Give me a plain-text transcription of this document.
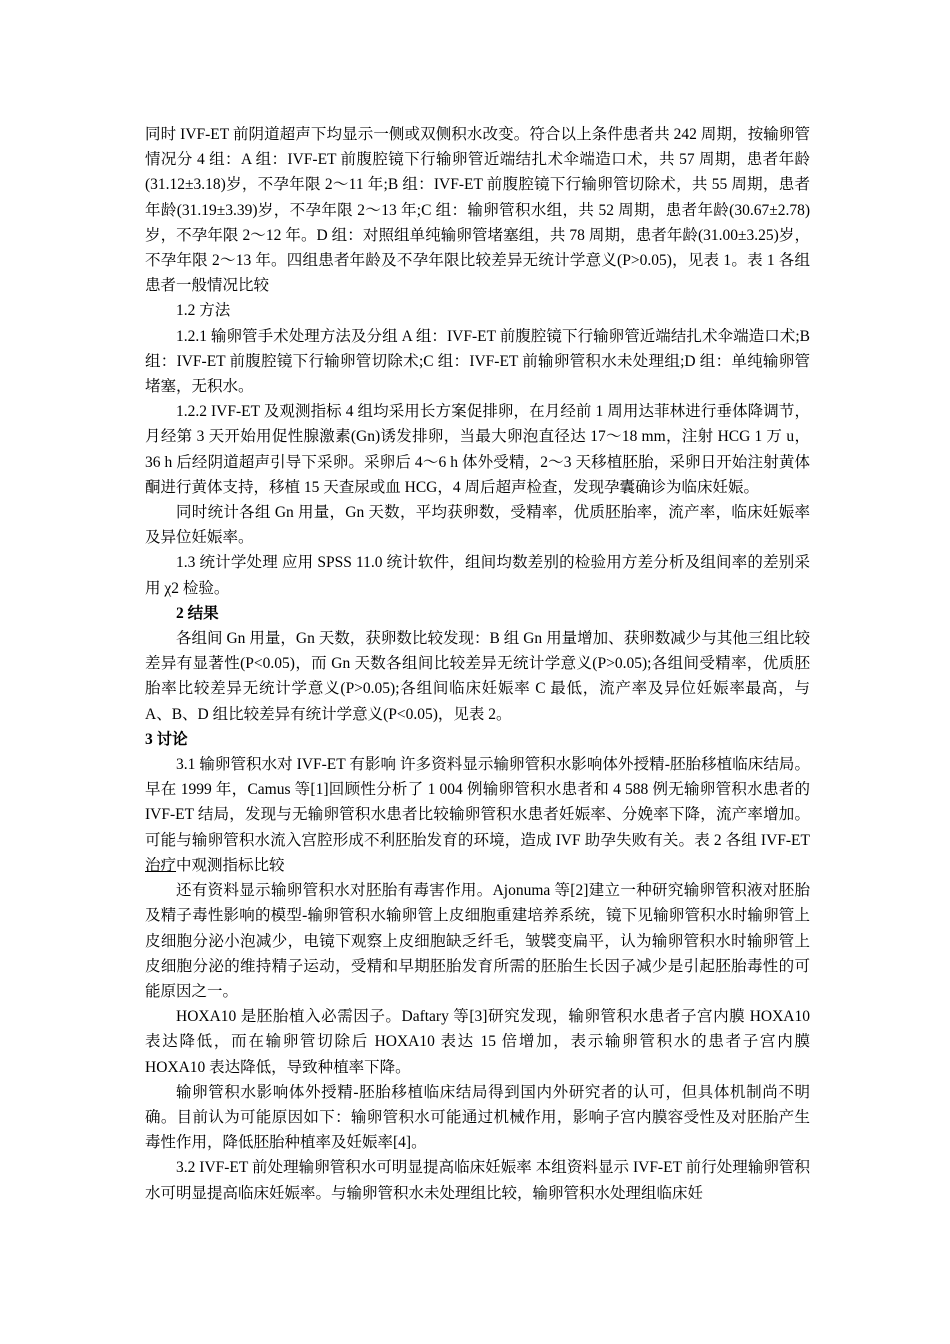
同时 IVF-ET 前阴道超声下均显示一侧或双侧积水改变。符合以上条件患者共 242 周期，按输卵管情况分 4 组：A 组：IVF-ET 前腹腔镜下行输卵管近端结扎术伞端造口术，共 57 周期，患者年龄(31.12±3.18)岁，不孕年限 2～11 年;B 组：IVF-ET 前腹腔镜下行输卵管切除术，共 55 周期，患者年龄(31.19±3.39)岁，不孕年限 2～13 年;C 组：输卵管积水组，共 52 周期，患者年龄(30.67±2.78)岁，不孕年限 2～12 年。D 组：对照组单纯输卵管堵塞组，共 78 周期，患者年龄(31.00±3.25)岁，不孕年限 2～13 年。四组患者年龄及不孕年限比较差异无统计学意义(P>0.05)，见表 1。表 1 各组患者一般情况比较

1.2 方法

1.2.1 输卵管手术处理方法及分组 A 组：IVF-ET 前腹腔镜下行输卵管近端结扎术伞端造口术;B 组：IVF-ET 前腹腔镜下行输卵管切除术;C 组：IVF-ET 前输卵管积水未处理组;D 组：单纯输卵管堵塞，无积水。

1.2.2 IVF-ET 及观测指标 4 组均采用长方案促排卵，在月经前 1 周用达菲林进行垂体降调节，月经第 3 天开始用促性腺激素(Gn)诱发排卵，当最大卵泡直径达 17～18 mm，注射 HCG 1 万 u，36 h 后经阴道超声引导下采卵。采卵后 4～6 h 体外受精，2～3 天移植胚胎，采卵日开始注射黄体酮进行黄体支持，移植 15 天查尿或血 HCG，4 周后超声检查，发现孕囊确诊为临床妊娠。

同时统计各组 Gn 用量，Gn 天数，平均获卵数，受精率，优质胚胎率，流产率，临床妊娠率及异位妊娠率。

1.3 统计学处理 应用 SPSS 11.0 统计软件，组间均数差别的检验用方差分析及组间率的差别采用 χ2 检验。

2 结果

各组间 Gn 用量，Gn 天数，获卵数比较发现：B 组 Gn 用量增加、获卵数减少与其他三组比较差异有显著性(P<0.05)，而 Gn 天数各组间比较差异无统计学意义(P>0.05);各组间受精率，优质胚胎率比较差异无统计学意义(P>0.05);各组间临床妊娠率 C 最低，流产率及异位妊娠率最高，与 A、B、D 组比较差异有统计学意义(P<0.05)，见表 2。

3 讨论

3.1 输卵管积水对 IVF-ET 有影响 许多资料显示输卵管积水影响体外授精-胚胎移植临床结局。早在 1999 年，Camus 等[1]回顾性分析了 1 004 例输卵管积水患者和 4 588 例无输卵管积水患者的 IVF-ET 结局，发现与无输卵管积水患者比较输卵管积水患者妊娠率、分娩率下降，流产率增加。可能与输卵管积水流入宫腔形成不利胚胎发育的环境，造成 IVF 助孕失败有关。表 2 各组 IVF-ET 治疗中观测指标比较

还有资料显示输卵管积水对胚胎有毒害作用。Ajonuma 等[2]建立一种研究输卵管积液对胚胎及精子毒性影响的模型-输卵管积水输卵管上皮细胞重建培养系统，镜下见输卵管积水时输卵管上皮细胞分泌小泡减少，电镜下观察上皮细胞缺乏纤毛，皱襞变扁平，认为输卵管积水时输卵管上皮细胞分泌的维持精子运动，受精和早期胚胎发育所需的胚胎生长因子减少是引起胚胎毒性的可能原因之一。

HOXA10 是胚胎植入必需因子。Daftary 等[3]研究发现，输卵管积水患者子宫内膜 HOXA10 表达降低，而在输卵管切除后 HOXA10 表达 15 倍增加，表示输卵管积水的患者子宫内膜 HOXA10 表达降低，导致种植率下降。

输卵管积水影响体外授精-胚胎移植临床结局得到国内外研究者的认可，但具体机制尚不明确。目前认为可能原因如下：输卵管积水可能通过机械作用，影响子宫内膜容受性及对胚胎产生毒性作用，降低胚胎种植率及妊娠率[4]。

3.2 IVF-ET 前处理输卵管积水可明显提高临床妊娠率 本组资料显示 IVF-ET 前行处理输卵管积水可明显提高临床妊娠率。与输卵管积水未处理组比较，输卵管积水处理组临床妊
